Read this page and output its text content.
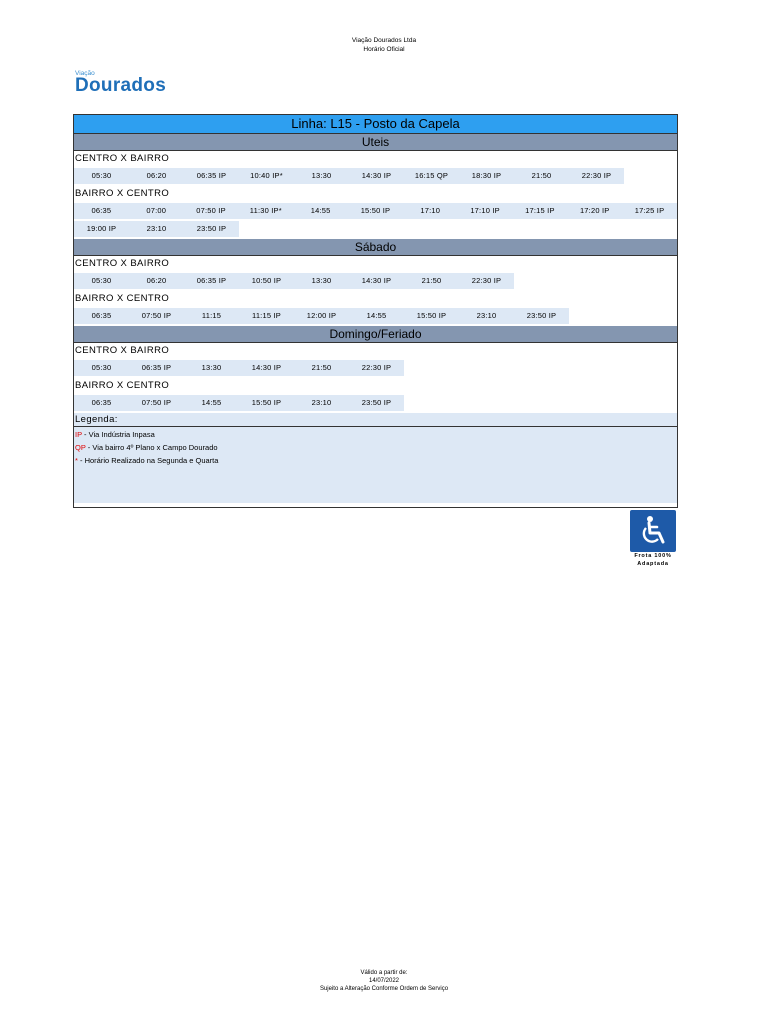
Viação Dourados Ltda
Horário Oficial
Viação
Dourados
Linha: L15 - Posto da Capela
Uteis
CENTRO X BAIRRO
05:30	06:20	06:35 IP	10:40 IP*	13:30	14:30 IP	16:15 QP	18:30 IP	21:50	22:30 IP
BAIRRO X CENTRO
06:35	07:00	07:50 IP	11:30 IP*	14:55	15:50 IP	17:10	17:10 IP	17:15 IP	17:20 IP	17:25 IP
19:00 IP	23:10	23:50 IP
Sábado
CENTRO X BAIRRO
05:30	06:20	06:35 IP	10:50 IP	13:30	14:30 IP	21:50	22:30 IP
BAIRRO X CENTRO
06:35	07:50 IP	11:15	11:15 IP	12:00 IP	14:55	15:50 IP	23:10	23:50 IP
Domingo/Feriado
CENTRO X BAIRRO
05:30	06:35 IP	13:30	14:30 IP	21:50	22:30 IP
BAIRRO X CENTRO
06:35	07:50 IP	14:55	15:50 IP	23:10	23:50 IP
Legenda:
IP - Via Indústria Inpasa
QP - Via bairro 4º Plano x Campo Dourado
* - Horário Realizado na Segunda e Quarta
Frota 100%
Adaptada
Válido a partir de:
14/07/2022
Sujeito a Alteração Conforme Ordem de Serviço
